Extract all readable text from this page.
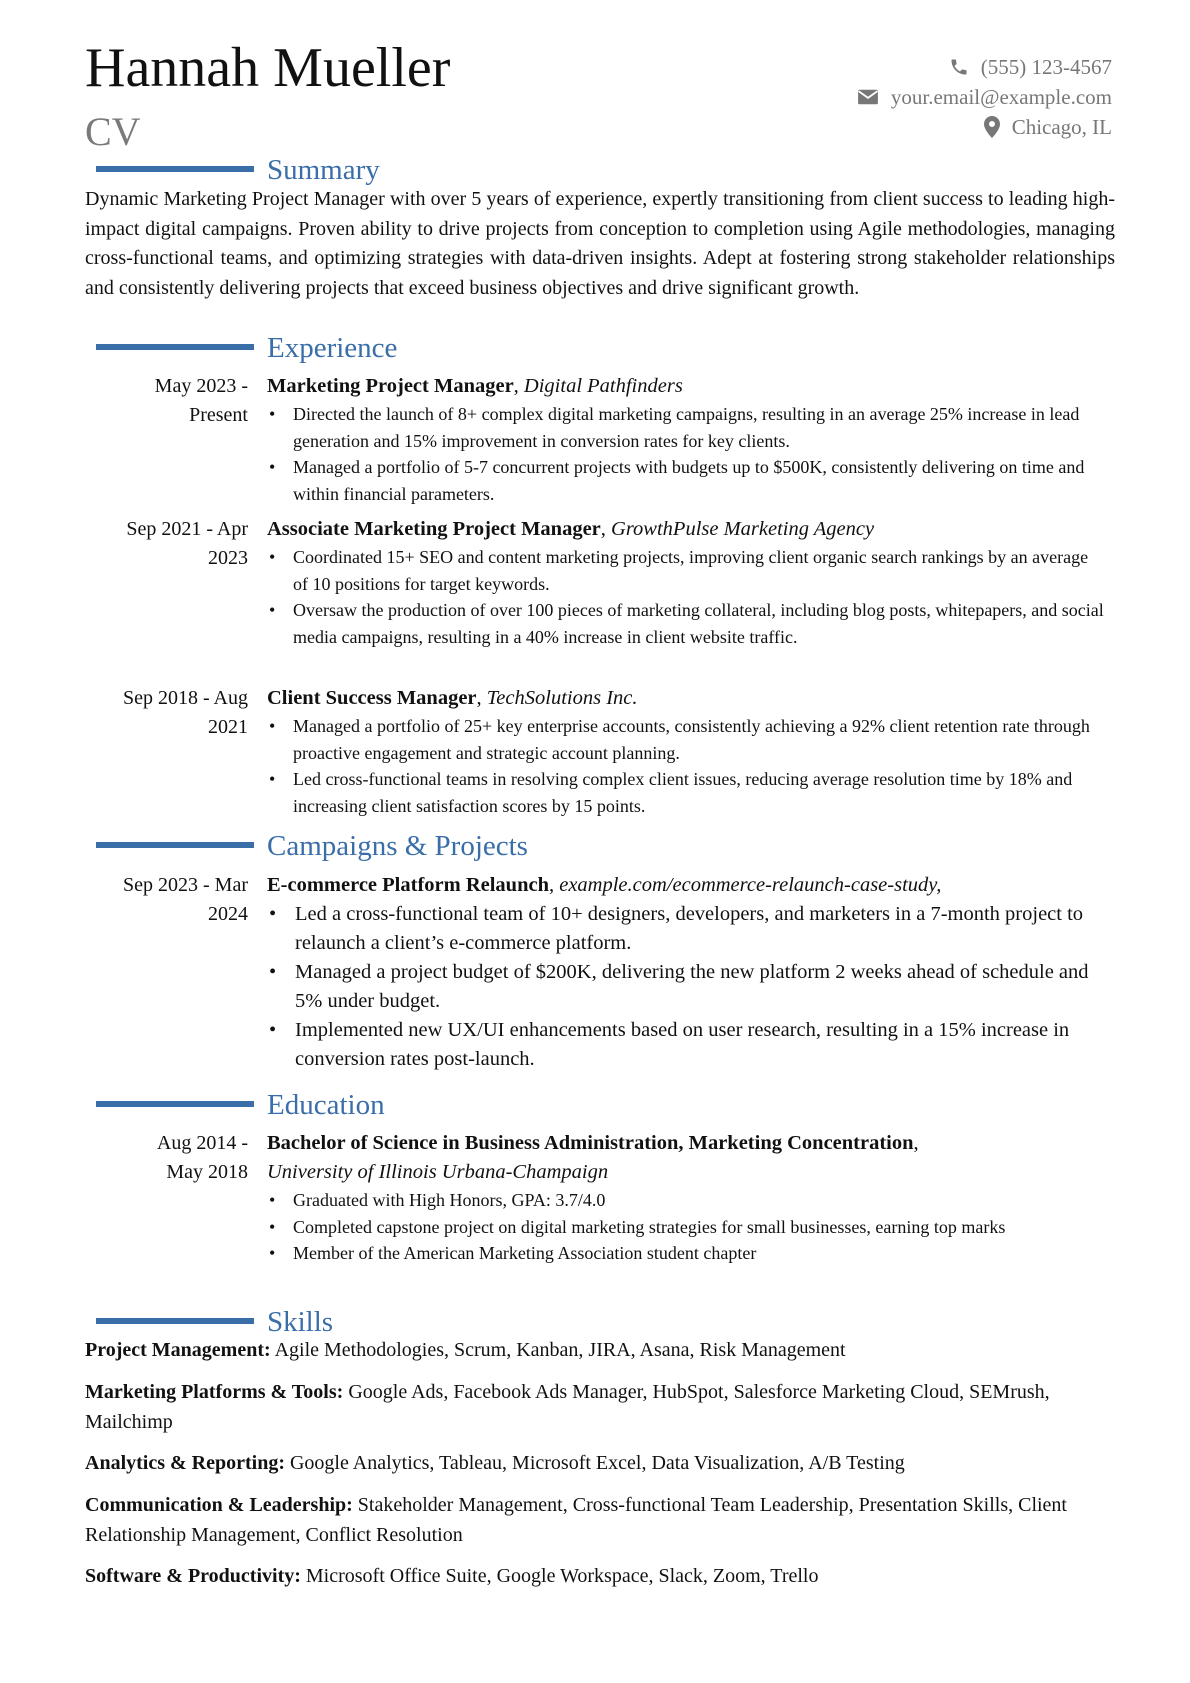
Hannah Mueller
CV
(555) 123-4567
your.email@example.com
Chicago, IL
Summary
Dynamic Marketing Project Manager with over 5 years of experience, expertly transitioning from client success to leading high-impact digital campaigns. Proven ability to drive projects from conception to completion using Agile methodologies, managing cross-functional teams, and optimizing strategies with data-driven insights. Adept at fostering strong stakeholder relationships and consistently delivering projects that exceed business objectives and drive significant growth.
Experience
May 2023 -
Present
Marketing Project Manager, Digital Pathfinders
• Directed the launch of 8+ complex digital marketing campaigns, resulting in an average 25% increase in lead generation and 15% improvement in conversion rates for key clients.
• Managed a portfolio of 5-7 concurrent projects with budgets up to $500K, consistently delivering on time and within financial parameters.
Sep 2021 - Apr
2023
Associate Marketing Project Manager, GrowthPulse Marketing Agency
• Coordinated 15+ SEO and content marketing projects, improving client organic search rankings by an average of 10 positions for target keywords.
• Oversaw the production of over 100 pieces of marketing collateral, including blog posts, whitepapers, and social media campaigns, resulting in a 40% increase in client website traffic.
Sep 2018 - Aug
2021
Client Success Manager, TechSolutions Inc.
• Managed a portfolio of 25+ key enterprise accounts, consistently achieving a 92% client retention rate through proactive engagement and strategic account planning.
• Led cross-functional teams in resolving complex client issues, reducing average resolution time by 18% and increasing client satisfaction scores by 15 points.
Campaigns & Projects
Sep 2023 - Mar
2024
E-commerce Platform Relaunch, example.com/ecommerce-relaunch-case-study,
• Led a cross-functional team of 10+ designers, developers, and marketers in a 7-month project to relaunch a client’s e-commerce platform.
• Managed a project budget of $200K, delivering the new platform 2 weeks ahead of schedule and 5% under budget.
• Implemented new UX/UI enhancements based on user research, resulting in a 15% increase in conversion rates post-launch.
Education
Aug 2014 -
May 2018
Bachelor of Science in Business Administration, Marketing Concentration,
University of Illinois Urbana-Champaign
• Graduated with High Honors, GPA: 3.7/4.0
• Completed capstone project on digital marketing strategies for small businesses, earning top marks
• Member of the American Marketing Association student chapter
Skills
Project Management: Agile Methodologies, Scrum, Kanban, JIRA, Asana, Risk Management
Marketing Platforms & Tools: Google Ads, Facebook Ads Manager, HubSpot, Salesforce Marketing Cloud, SEMrush, Mailchimp
Analytics & Reporting: Google Analytics, Tableau, Microsoft Excel, Data Visualization, A/B Testing
Communication & Leadership: Stakeholder Management, Cross-functional Team Leadership, Presentation Skills, Client Relationship Management, Conflict Resolution
Software & Productivity: Microsoft Office Suite, Google Workspace, Slack, Zoom, Trello
